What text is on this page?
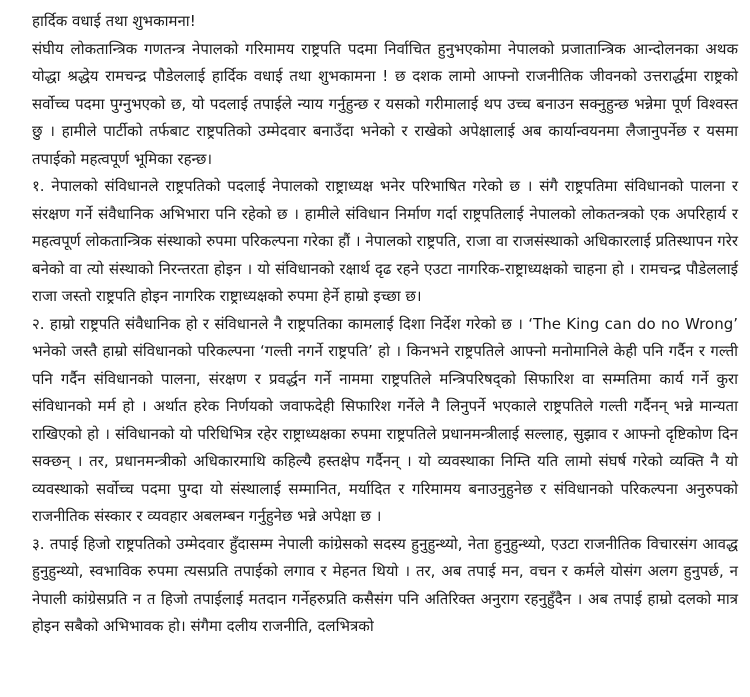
हार्दिक वधाई तथा शुभकामना!

संघीय लोकतान्त्रिक गणतन्त्र नेपालको गरिमामय राष्ट्रपति पदमा निर्वाचित हुनुभएकोमा नेपालको प्रजातान्त्रिक आन्दोलनका अथक योद्धा श्रद्धेय रामचन्द्र पौडेललाई हार्दिक वधाई तथा शुभकामना ! छ दशक लामो आफ्नो राजनीतिक जीवनको उत्तरार्द्धमा राष्ट्रको सर्वोच्च पदमा पुग्नुभएको छ, यो पदलाई तपाईले न्याय गर्नुहुन्छ र यसको गरीमालाई थप उच्च बनाउन सक्नुहुन्छ भन्नेमा पूर्ण विश्वस्त छु । हामीले पार्टीको तर्फबाट राष्ट्रपतिको उम्मेदवार बनाउँदा भनेको र राखेको अपेक्षालाई अब कार्यान्वयनमा लैजानुपर्नेछ र यसमा तपाईको महत्वपूर्ण भूमिका रहन्छ।

१. नेपालको संविधानले राष्ट्रपतिको पदलाई नेपालको राष्ट्राध्यक्ष भनेर परिभाषित गरेको छ । संगै राष्ट्रपतिमा संविधानको पालना र संरक्षण गर्ने संवैधानिक अभिभारा पनि रहेको छ । हामीले संविधान निर्माण गर्दा राष्ट्रपतिलाई नेपालको लोकतन्त्रको एक अपरिहार्य र महत्वपूर्ण लोकतान्त्रिक संस्थाको रुपमा परिकल्पना गरेका हौं । नेपालको राष्ट्रपति, राजा वा राजसंस्थाको अधिकारलाई प्रतिस्थापन गरेर बनेको वा त्यो संस्थाको निरन्तरता होइन । यो संविधानको रक्षार्थ दृढ रहने एउटा नागरिक-राष्ट्राध्यक्षको चाहना हो । रामचन्द्र पौडेललाई राजा जस्तो राष्ट्रपति होइन नागरिक राष्ट्राध्यक्षको रुपमा हेर्ने हाम्रो इच्छा छ।

२. हाम्रो राष्ट्रपति संवैधानिक हो र संविधानले नै राष्ट्रपतिका कामलाई दिशा निर्देश गरेको छ । ‘The King can do no Wrong’ भनेको जस्तै हाम्रो संविधानको परिकल्पना ‘गल्ती नगर्ने राष्ट्रपति’ हो । किनभने राष्ट्रपतिले आफ्नो मनोमानिले केही पनि गर्दैन र गल्ती पनि गर्दैन संविधानको पालना, संरक्षण र प्रवर्द्धन गर्ने नाममा राष्ट्रपतिले मन्त्रिपरिषद्को सिफारिश वा सम्मतिमा कार्य गर्ने कुरा संविधानको मर्म हो । अर्थात हरेक निर्णयको जवाफदेही सिफारिश गर्नेले नै लिनुपर्ने भएकाले राष्ट्रपतिले गल्ती गर्दैनन् भन्ने मान्यता राखिएको हो । संविधानको यो परिधिभित्र रहेर राष्ट्राध्यक्षका रुपमा राष्ट्रपतिले प्रधानमन्त्रीलाई सल्लाह, सुझाव र आफ्नो दृष्टिकोण दिन सक्छन् । तर, प्रधानमन्त्रीको अधिकारमाथि कहिल्यै हस्तक्षेप गर्दैनन् । यो व्यवस्थाका निम्ति यति लामो संघर्ष गरेको व्यक्ति नै यो व्यवस्थाको सर्वोच्च पदमा पुग्दा यो संस्थालाई सम्मानित, मर्यादित र गरिमामय बनाउनुहुनेछ र संविधानको परिकल्पना अनुरुपको राजनीतिक संस्कार र व्यवहार अबलम्बन गर्नुहुनेछ भन्ने अपेक्षा छ ।

३. तपाई हिजो राष्ट्रपतिको उम्मेदवार हुँदासम्म नेपाली कांग्रेसको सदस्य हुनुहुन्थ्यो, नेता हुनुहुन्थ्यो, एउटा राजनीतिक विचारसंग आवद्ध हुनुहुन्थ्यो, स्वभाविक रुपमा त्यसप्रति तपाईको लगाव र मेहनत थियो । तर, अब तपाई मन, वचन र कर्मले योसंग अलग हुनुपर्छ, न नेपाली कांग्रेसप्रति न त हिजो तपाईलाई मतदान गर्नेहरुप्रति कसैसंग पनि अतिरिक्त अनुराग रहनुहुँदैन । अब तपाई हाम्रो दलको मात्र होइन सबैको अभिभावक हो। संगैमा दलीय राजनीति, दलभित्रको
